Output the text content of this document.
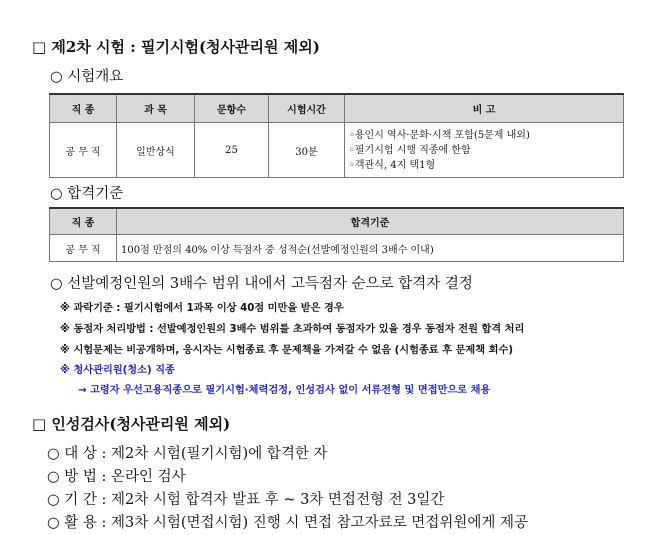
□ 제2차 시험 : 필기시험(청사관리원 제외)
○ 시험개요
직 종	과 목	문항수	시험시간	비 고
공 무 직	일반상식	25	30분	◦용인시 역사·문화·시책 포함(5문제 내외)
◦필기시험 시행 직종에 한함
◦객관식, 4지 택1형
○ 합격기준
직 종	합격기준
공 무 직	100점 만점의 40% 이상 득점자 중 성적순(선발예정인원의 3배수 이내)
○ 선발예정인원의 3배수 범위 내에서 고득점자 순으로 합격자 결정
※ 과락기준 : 필기시험에서 1과목 이상 40점 미만을 받은 경우
※ 동점자 처리방법 : 선발예정인원의 3배수 범위를 초과하여 동점자가 있을 경우 동점자 전원 합격 처리
※ 시험문제는 비공개하며, 응시자는 시험종료 후 문제책을 가져갈 수 없음 (시험종료 후 문제책 회수)
※ 청사관리원(청소) 직종
→ 고령자 우선고용직종으로 필기시험·체력검정, 인성검사 없이 서류전형 및 면접만으로 채용
□ 인성검사(청사관리원 제외)
○ 대 상 : 제2차 시험(필기시험)에 합격한 자
○ 방 법 : 온라인 검사
○ 기 간 : 제2차 시험 합격자 발표 후 ~ 3차 면접전형 전 3일간
○ 활 용 : 제3차 시험(면접시험) 진행 시 면접 참고자료로 면접위원에게 제공
